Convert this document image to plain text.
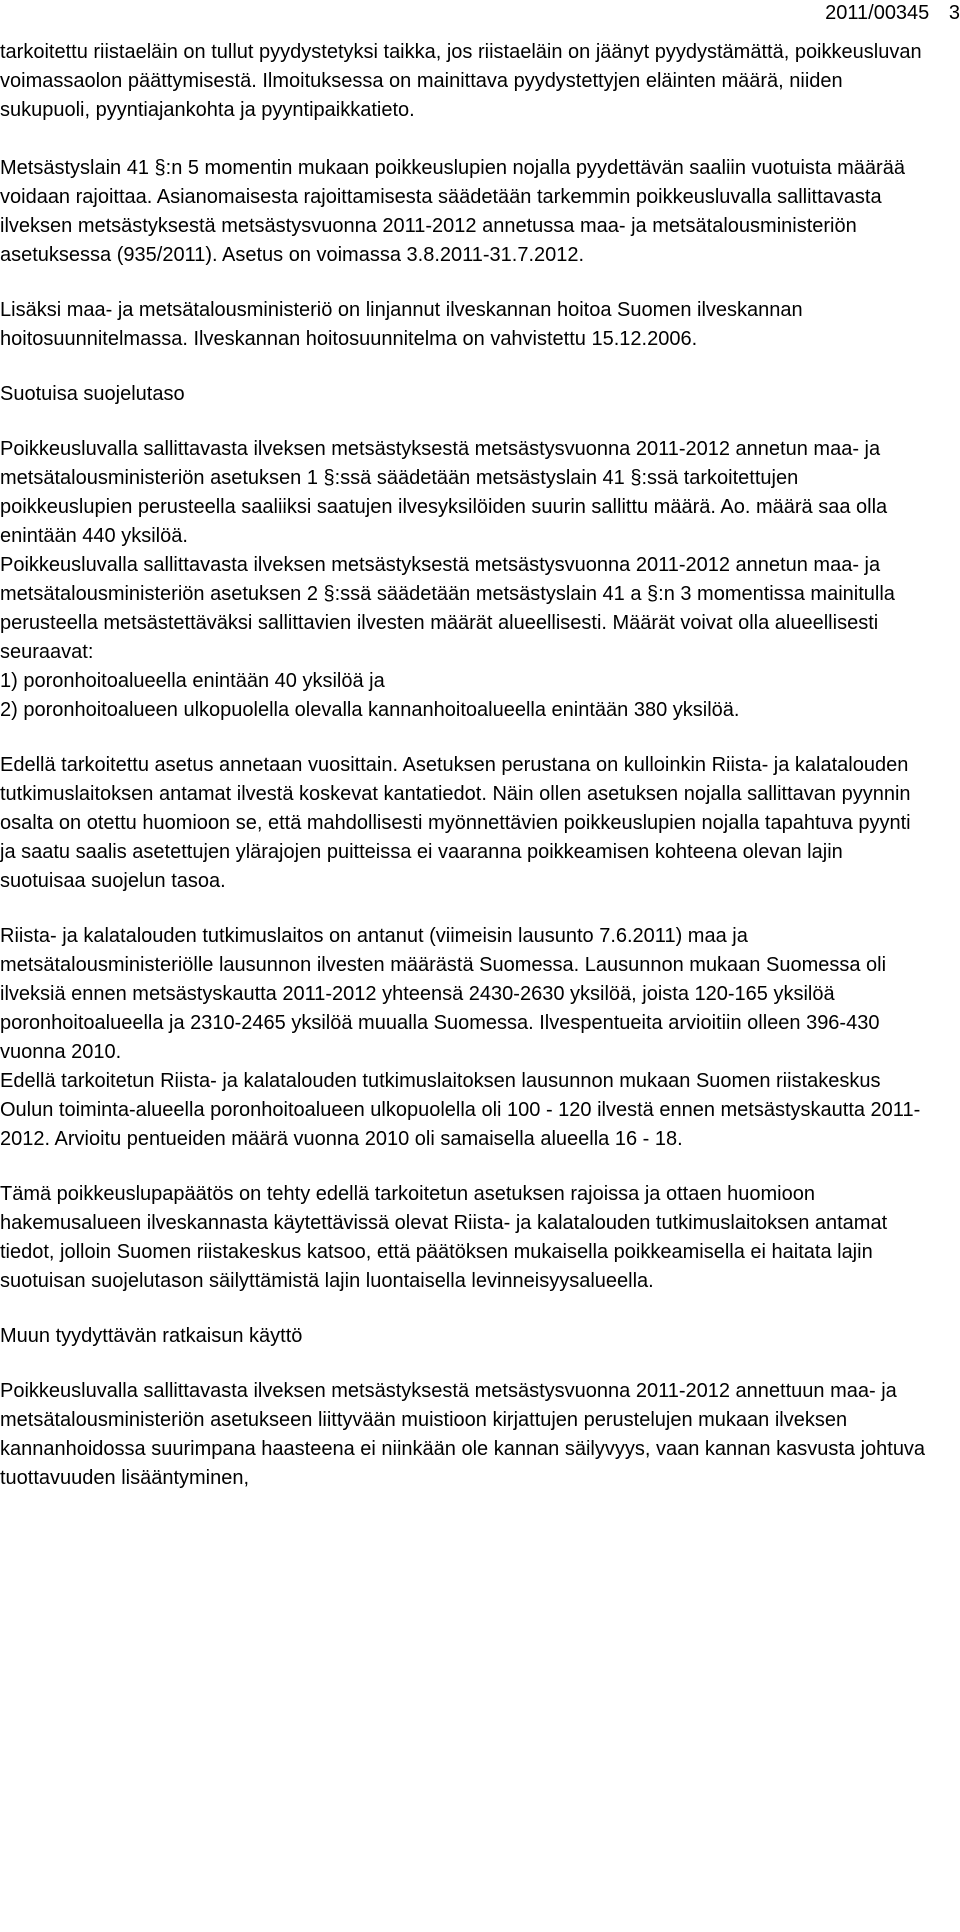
2011/00345 3

tarkoitettu riistaeläin on tullut pyydystetyksi taikka, jos riistaeläin on jäänyt pyydystämättä, poikkeusluvan voimassaolon päättymisestä. Ilmoituksessa on mainittava pyydystettyjen eläinten määrä, niiden sukupuoli, pyyntiajankohta ja pyyntipaikkatieto.

Metsästyslain 41 §:n 5 momentin mukaan poikkeuslupien nojalla pyydettävän saaliin vuotuista määrää voidaan rajoittaa. Asianomaisesta rajoittamisesta säädetään tarkemmin poikkeusluvalla sallittavasta ilveksen metsästyksestä metsästysvuonna 2011-2012 annetussa maa- ja metsätalousministeriön asetuksessa (935/2011). Asetus on voimassa 3.8.2011-31.7.2012.

Lisäksi maa- ja metsätalousministeriö on linjannut ilveskannan hoitoa Suomen ilveskannan hoitosuunnitelmassa. Ilveskannan hoitosuunnitelma on vahvistettu 15.12.2006.

Suotuisa suojelutaso

Poikkeusluvalla sallittavasta ilveksen metsästyksestä metsästysvuonna 2011-2012 annetun maa- ja metsätalousministeriön asetuksen 1 §:ssä säädetään metsästyslain 41 §:ssä tarkoitettujen poikkeuslupien perusteella saaliiksi saatujen ilvesyksilöiden suurin sallittu määrä. Ao. määrä saa olla enintään 440 yksilöä.

Poikkeusluvalla sallittavasta ilveksen metsästyksestä metsästysvuonna 2011-2012 annetun maa- ja metsätalousministeriön asetuksen 2 §:ssä säädetään metsästyslain 41 a §:n 3 momentissa mainitulla perusteella metsästettäväksi sallittavien ilvesten määrät alueellisesti. Määrät voivat olla alueellisesti seuraavat:

1) poronhoitoalueella enintään 40 yksilöä ja

2) poronhoitoalueen ulkopuolella olevalla kannanhoitoalueella enintään 380 yksilöä.

Edellä tarkoitettu asetus annetaan vuosittain. Asetuksen perustana on kulloinkin Riista- ja kalatalouden tutkimuslaitoksen antamat ilvestä koskevat kantatiedot. Näin ollen asetuksen nojalla sallittavan pyynnin osalta on otettu huomioon se, että mahdollisesti myönnettävien poikkeuslupien nojalla tapahtuva pyynti ja saatu saalis asetettujen ylärajojen puitteissa ei vaaranna poikkeamisen kohteena olevan lajin suotuisaa suojelun tasoa.

Riista- ja kalatalouden tutkimuslaitos on antanut (viimeisin lausunto 7.6.2011) maa ja metsätalousministeriölle lausunnon ilvesten määrästä Suomessa. Lausunnon mukaan Suomessa oli ilveksiä ennen metsästyskautta 2011-2012 yhteensä 2430-2630 yksilöä, joista 120-165 yksilöä poronhoitoalueella ja 2310-2465 yksilöä muualla Suomessa. Ilvespentueita arvioitiin olleen 396-430 vuonna 2010.

Edellä tarkoitetun Riista- ja kalatalouden tutkimuslaitoksen lausunnon mukaan Suomen riistakeskus Oulun toiminta-alueella poronhoitoalueen ulkopuolella oli 100 - 120 ilvestä ennen metsästyskautta 2011-2012. Arvioitu pentueiden määrä vuonna 2010 oli samaisella alueella 16 - 18.

Tämä poikkeuslupapäätös on tehty edellä tarkoitetun asetuksen rajoissa ja ottaen huomioon hakemusalueen ilveskannasta käytettävissä olevat Riista- ja kalatalouden tutkimuslaitoksen antamat tiedot, jolloin Suomen riistakeskus katsoo, että päätöksen mukaisella poikkeamisella ei haitata lajin suotuisan suojelutason säilyttämistä lajin luontaisella levinneisyysalueella.

Muun tyydyttävän ratkaisun käyttö

Poikkeusluvalla sallittavasta ilveksen metsästyksestä metsästysvuonna 2011-2012 annettuun maa- ja metsätalousministeriön asetukseen liittyvään muistioon kirjattujen perustelujen mukaan ilveksen kannanhoidossa suurimpana haasteena ei niinkään ole kannan säilyvyys, vaan kannan kasvusta johtuva tuottavuuden lisääntyminen,
